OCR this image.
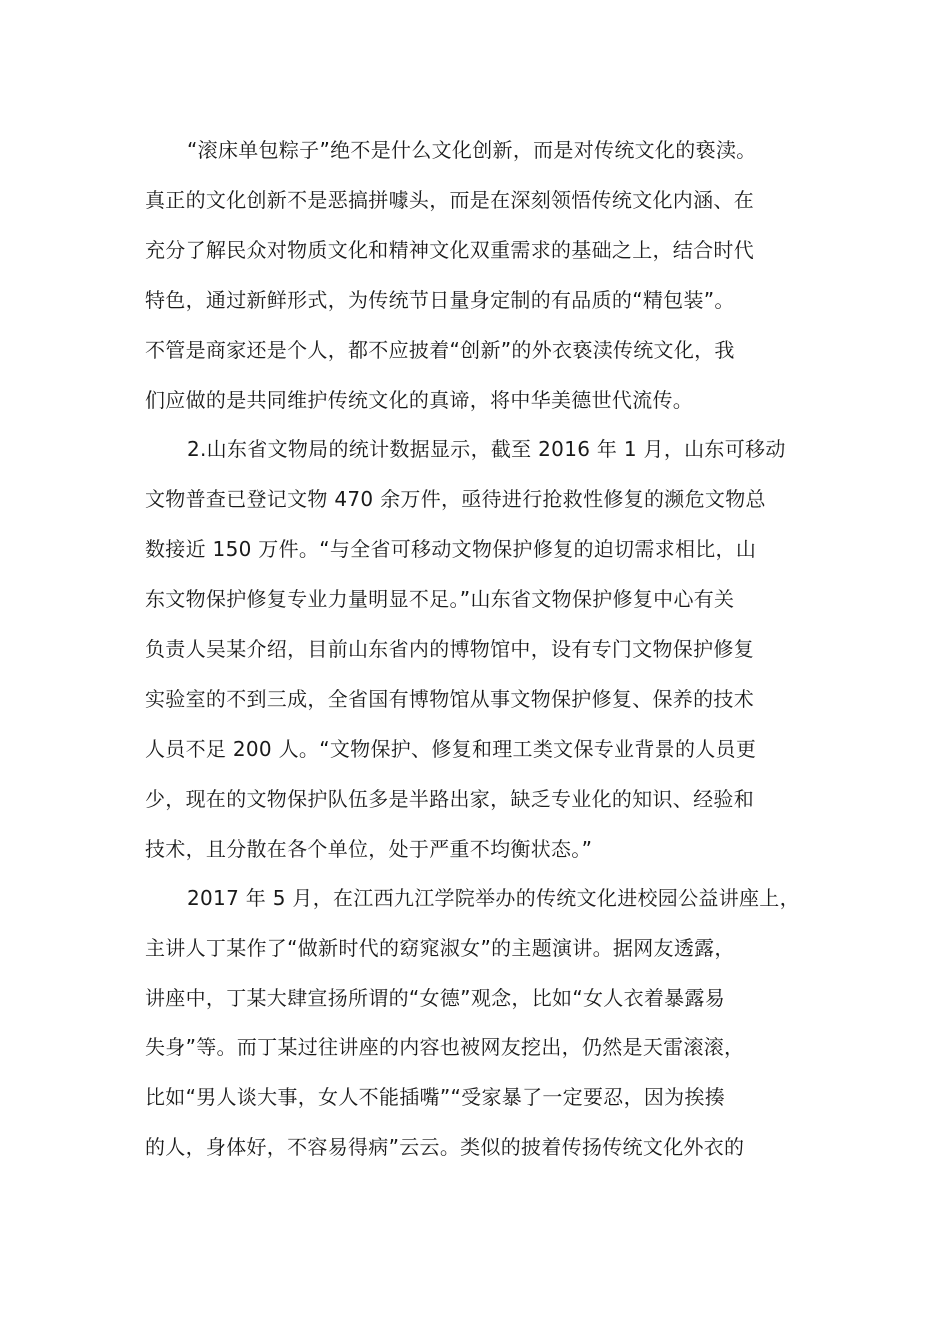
“滚床单包粽子”绝不是什么文化创新，而是对传统文化的亵渎。
真正的文化创新不是恶搞拼噱头，而是在深刻领悟传统文化内涵、在
充分了解民众对物质文化和精神文化双重需求的基础之上，结合时代
特色，通过新鲜形式，为传统节日量身定制的有品质的“精包装”。
不管是商家还是个人，都不应披着“创新”的外衣亵渎传统文化，我
们应做的是共同维护传统文化的真谛，将中华美德世代流传。
2.山东省文物局的统计数据显示，截至 2016 年 1 月，山东可移动
文物普查已登记文物 470 余万件，亟待进行抢救性修复的濒危文物总
数接近 150 万件。“与全省可移动文物保护修复的迫切需求相比，山
东文物保护修复专业力量明显不足。”山东省文物保护修复中心有关
负责人吴某介绍，目前山东省内的博物馆中，设有专门文物保护修复
实验室的不到三成，全省国有博物馆从事文物保护修复、保养的技术
人员不足 200 人。“文物保护、修复和理工类文保专业背景的人员更
少，现在的文物保护队伍多是半路出家，缺乏专业化的知识、经验和
技术，且分散在各个单位，处于严重不均衡状态。”
2017 年 5 月，在江西九江学院举办的传统文化进校园公益讲座上，
主讲人丁某作了“做新时代的窈窕淑女”的主题演讲。据网友透露，
讲座中，丁某大肆宣扬所谓的“女德”观念，比如“女人衣着暴露易
失身”等。而丁某过往讲座的内容也被网友挖出，仍然是天雷滚滚，
比如“男人谈大事，女人不能插嘴”“受家暴了一定要忍，因为挨揍
的人，身体好，不容易得病”云云。类似的披着传扬传统文化外衣的
